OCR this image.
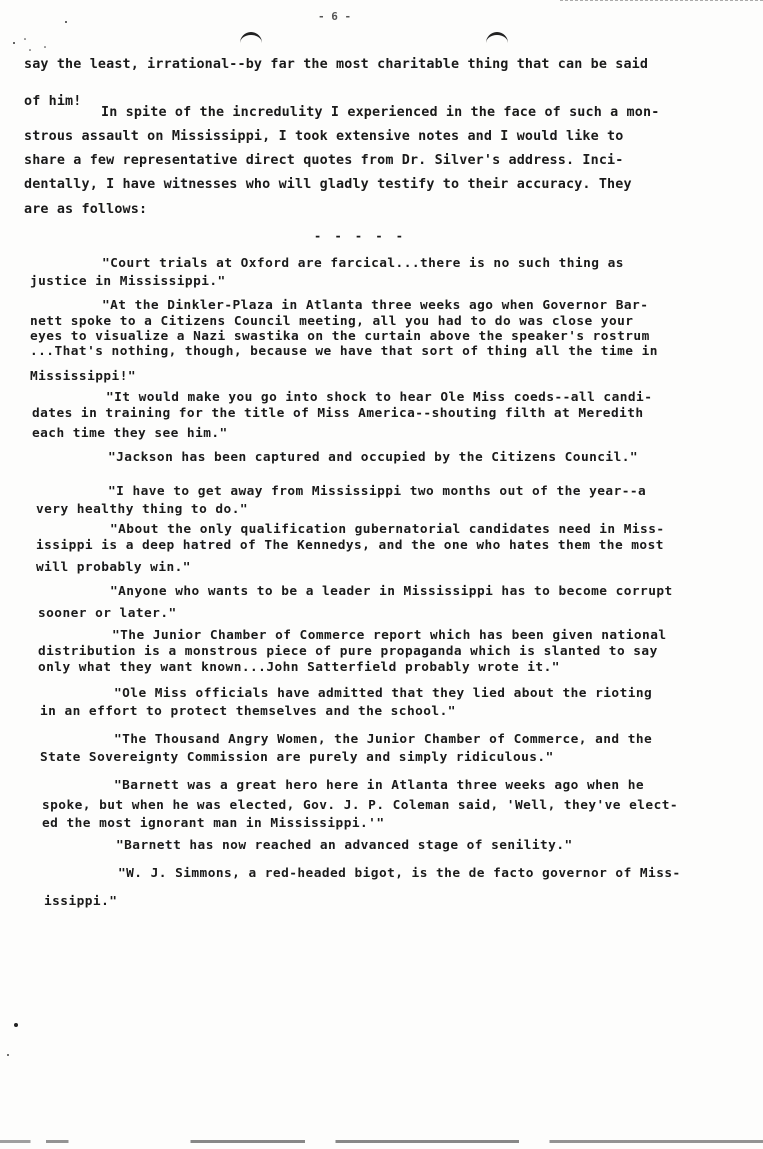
- 6 -
say the least, irrational--by far the most charitable thing that can be said
of him!
In spite of the incredulity I experienced in the face of such a mon-
strous assault on Mississippi, I took extensive notes and I would like to
share a few representative direct quotes from Dr. Silver's address. Inci-
dentally, I have witnesses who will gladly testify to their accuracy. They
are as follows:
- - - - -
"Court trials at Oxford are farcical...there is no such thing as
justice in Mississippi."
"At the Dinkler-Plaza in Atlanta three weeks ago when Governor Bar-
nett spoke to a Citizens Council meeting, all you had to do was close your
eyes to visualize a Nazi swastika on the curtain above the speaker's rostrum
...That's nothing, though, because we have that sort of thing all the time in
Mississippi!"
"It would make you go into shock to hear Ole Miss coeds--all candi-
dates in training for the title of Miss America--shouting filth at Meredith
each time they see him."
"Jackson has been captured and occupied by the Citizens Council."
"I have to get away from Mississippi two months out of the year--a
very healthy thing to do."
"About the only qualification gubernatorial candidates need in Miss-
issippi is a deep hatred of The Kennedys, and the one who hates them the most
will probably win."
"Anyone who wants to be a leader in Mississippi has to become corrupt
sooner or later."
"The Junior Chamber of Commerce report which has been given national
distribution is a monstrous piece of pure propaganda which is slanted to say
only what they want known...John Satterfield probably wrote it."
"Ole Miss officials have admitted that they lied about the rioting
in an effort to protect themselves and the school."
"The Thousand Angry Women, the Junior Chamber of Commerce, and the
State Sovereignty Commission are purely and simply ridiculous."
"Barnett was a great hero here in Atlanta three weeks ago when he
spoke, but when he was elected, Gov. J. P. Coleman said, 'Well, they've elect-
ed the most ignorant man in Mississippi.'"
"Barnett has now reached an advanced stage of senility."
"W. J. Simmons, a red-headed bigot, is the de facto governor of Miss-
issippi."
